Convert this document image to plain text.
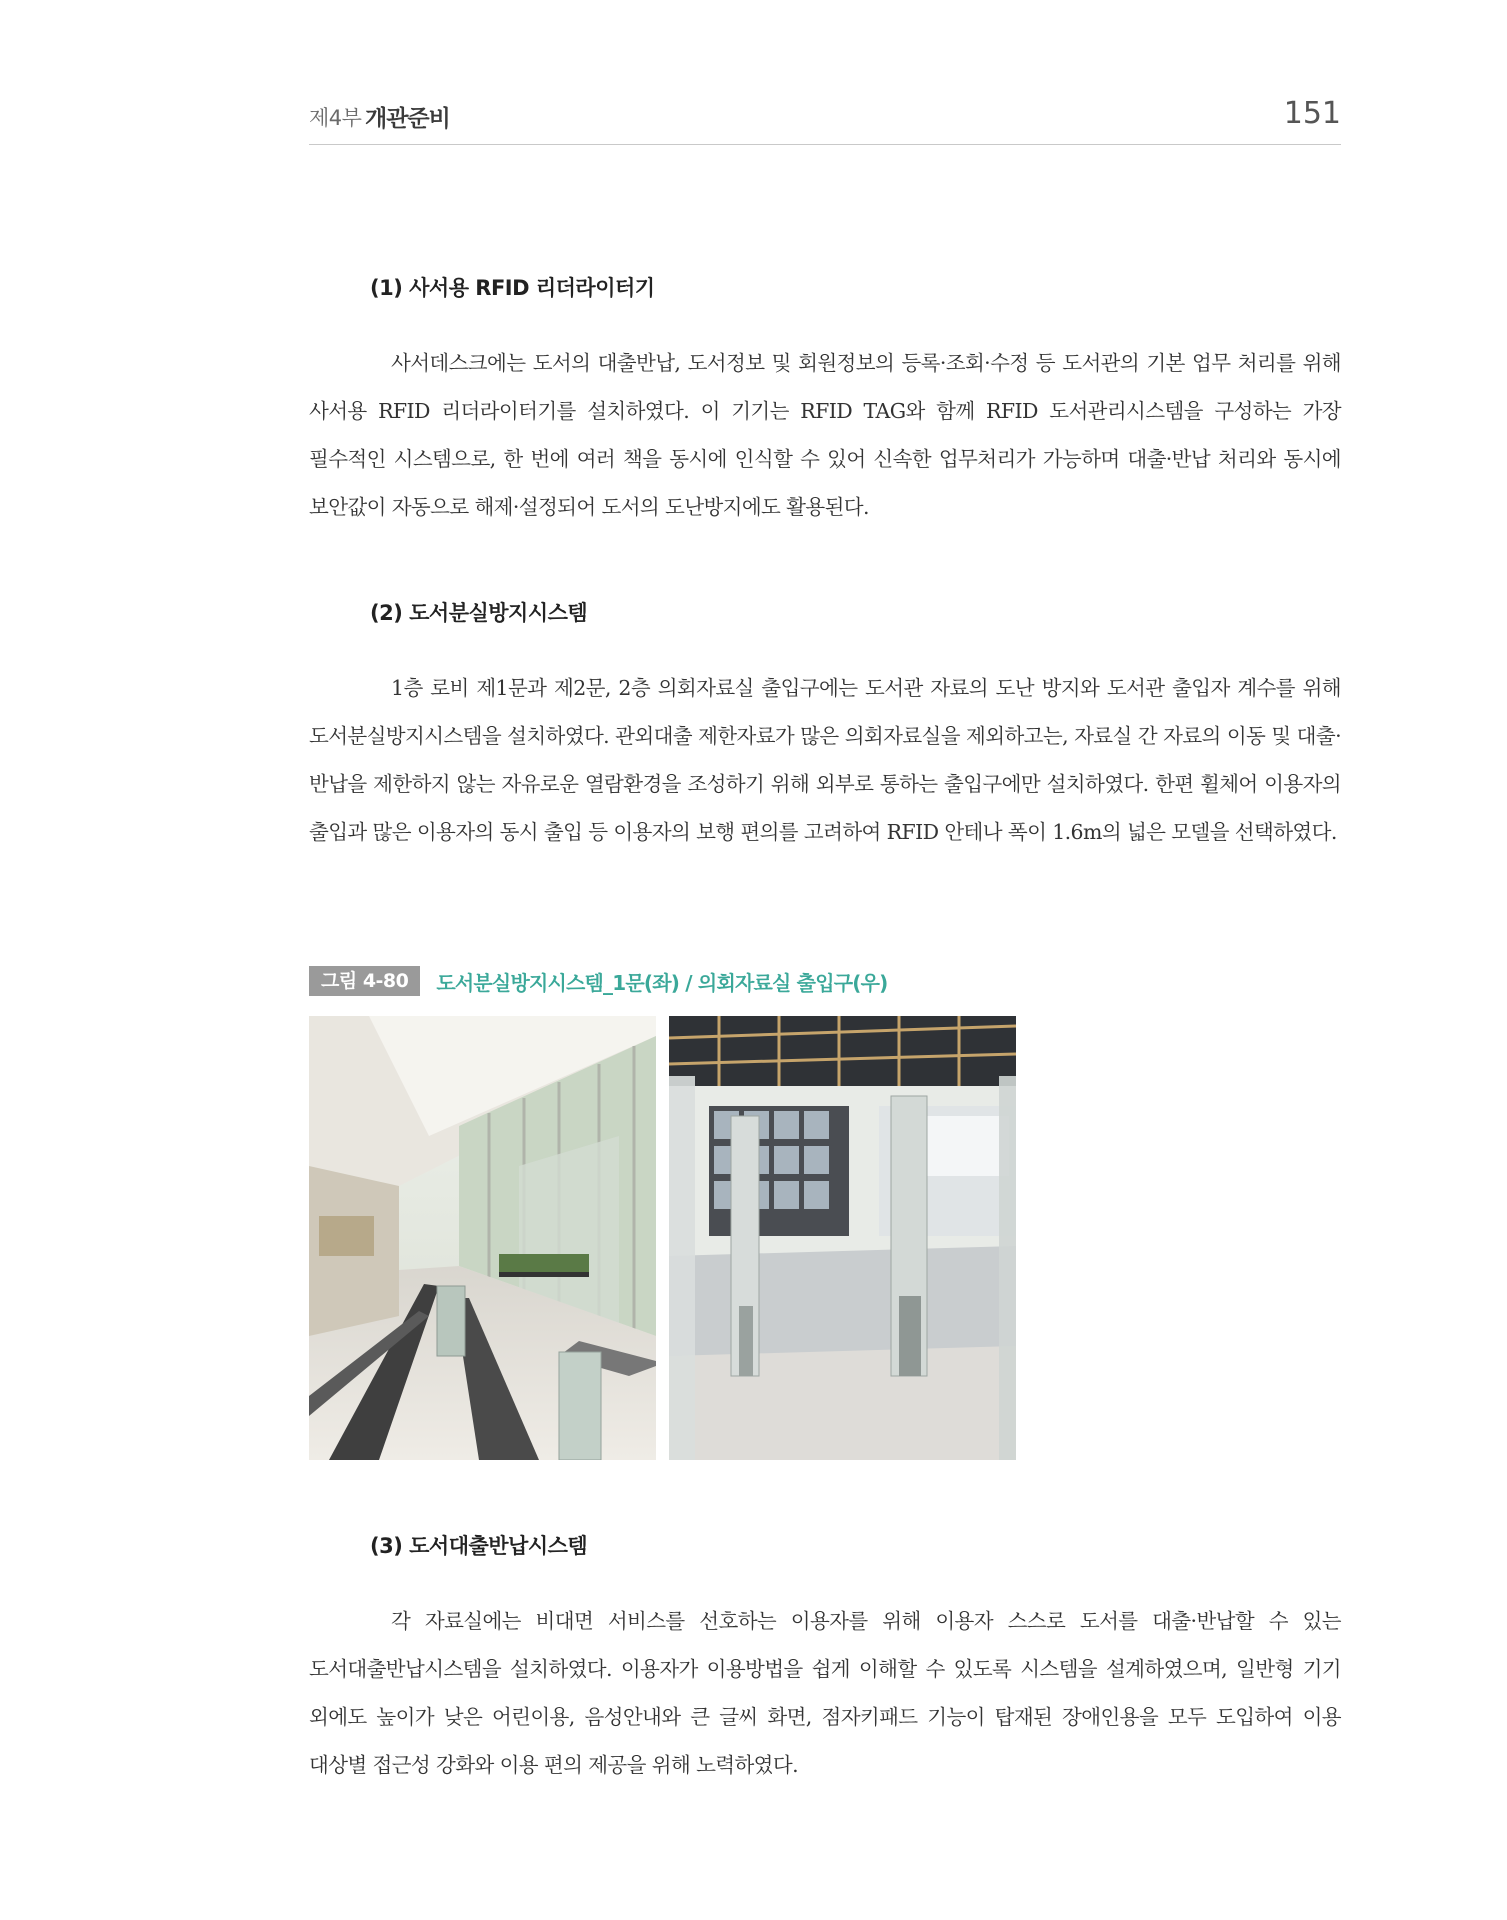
제4부 개관준비	151
(1) 사서용 RFID 리더라이터기

사서데스크에는 도서의 대출반납, 도서정보 및 회원정보의 등록·조회·수정 등 도서관의 기본 업무 처리를 위해 사서용 RFID 리더라이터기를 설치하였다. 이 기기는 RFID TAG와 함께 RFID 도서관리시스템을 구성하는 가장 필수적인 시스템으로, 한 번에 여러 책을 동시에 인식할 수 있어 신속한 업무처리가 가능하며 대출·반납 처리와 동시에 보안값이 자동으로 해제·설정되어 도서의 도난방지에도 활용된다.

(2) 도서분실방지시스템

1층 로비 제1문과 제2문, 2층 의회자료실 출입구에는 도서관 자료의 도난 방지와 도서관 출입자 계수를 위해 도서분실방지시스템을 설치하였다. 관외대출 제한자료가 많은 의회자료실을 제외하고는, 자료실 간 자료의 이동 및 대출·반납을 제한하지 않는 자유로운 열람환경을 조성하기 위해 외부로 통하는 출입구에만 설치하였다. 한편 휠체어 이용자의 출입과 많은 이용자의 동시 출입 등 이용자의 보행 편의를 고려하여 RFID 안테나 폭이 1.6m의 넓은 모델을 선택하였다.

그림 4-80	도서분실방지시스템_1문(좌) / 의회자료실 출입구(우)
(3) 도서대출반납시스템

각 자료실에는 비대면 서비스를 선호하는 이용자를 위해 이용자 스스로 도서를 대출·반납할 수 있는 도서대출반납시스템을 설치하였다. 이용자가 이용방법을 쉽게 이해할 수 있도록 시스템을 설계하였으며, 일반형 기기 외에도 높이가 낮은 어린이용, 음성안내와 큰 글씨 화면, 점자키패드 기능이 탑재된 장애인용을 모두 도입하여 이용 대상별 접근성 강화와 이용 편의 제공을 위해 노력하였다.
